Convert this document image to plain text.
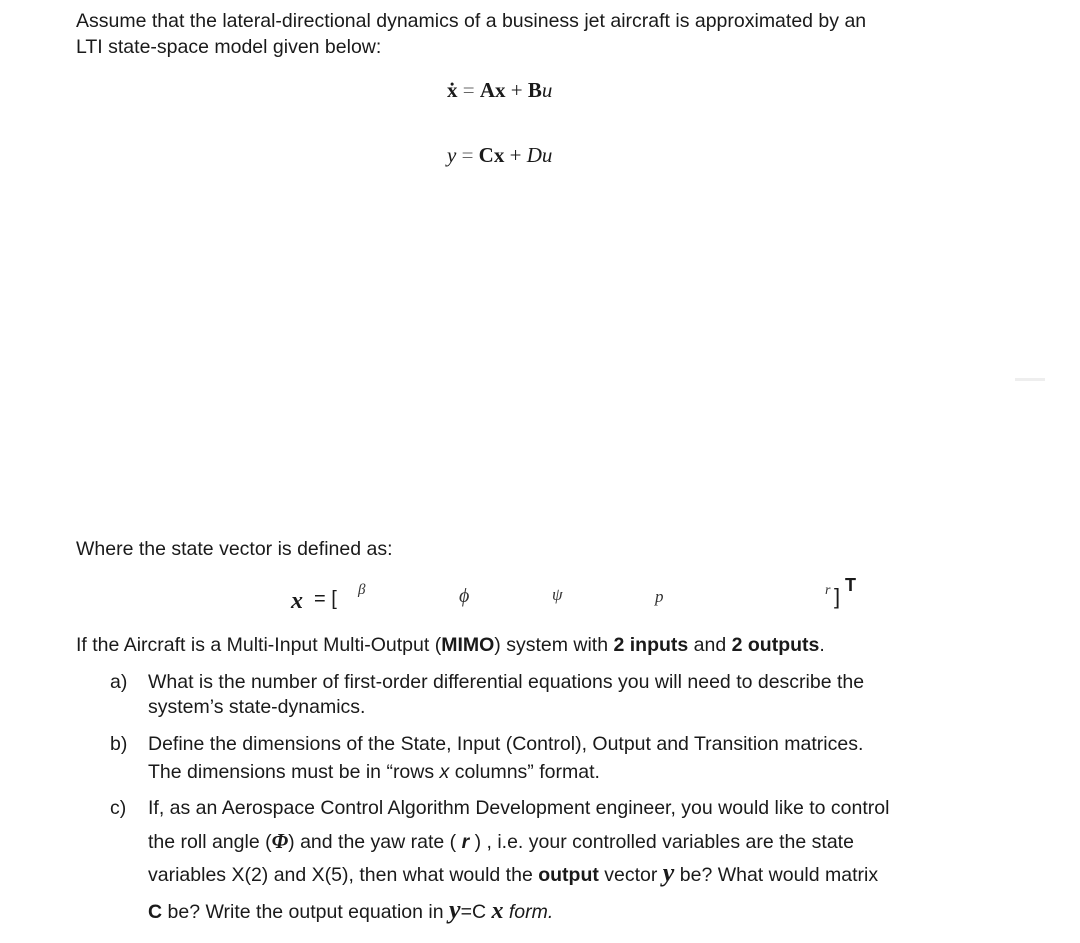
Assume that the lateral-directional dynamics of a business jet aircraft is approximated by an
LTI state-space model given below:
ẋ = Ax + Bu
y = Cx + Du
Where the state vector is defined as:
x = [ β	ϕ	ψ	p	r ] T
If the Aircraft is a Multi-Input Multi-Output (MIMO) system with 2 inputs and 2 outputs.
a) What is the number of first-order differential equations you will need to describe the
system’s state-dynamics.
b) Define the dimensions of the State, Input (Control), Output and Transition matrices.
The dimensions must be in “rows x columns” format.
c) If, as an Aerospace Control Algorithm Development engineer, you would like to control
the roll angle (Φ) and the yaw rate ( r ) , i.e. your controlled variables are the state
variables X(2) and X(5), then what would the output vector y be? What would matrix
C be? Write the output equation in y=C x form.
